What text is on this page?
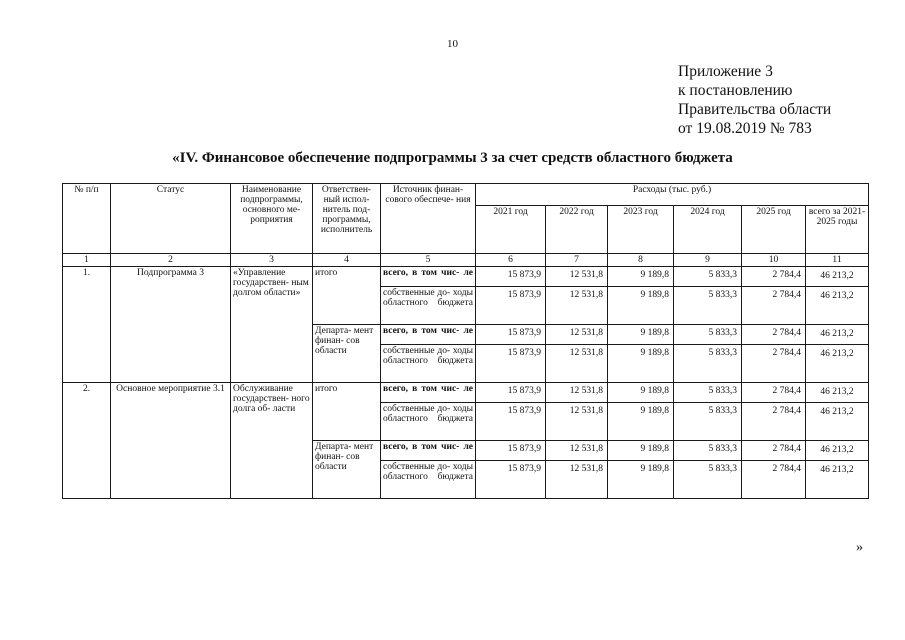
10
Приложение 3
к постановлению
Правительства области
от 19.08.2019 № 783
«IV. Финансовое обеспечение подпрограммы 3 за счет средств областного бюджета
№ п/п	Статус	Наименование подпрограммы, основного ме- роприятия	Ответствен- ный испол- нитель под- программы, исполнитель	Источник финан- сового обеспече- ния	Расходы (тыс. руб.)					
					2021 год	2022 год	2023 год	2024 год	2025 год	всего за 2021-2025 годы
1	2	3	4	5	6	7	8	9	10	11
1.	Подпрограмма 3	«Управление государствен- ным долгом области»	итого	всего, в том чис- ле	15 873,9	12 531,8	9 189,8	5 833,3	2 784,4	46 213,2
				собственные до- ходы областного бюджета	15 873,9	12 531,8	9 189,8	5 833,3	2 784,4	46 213,2
			Департа- мент финан- сов области	всего, в том чис- ле	15 873,9	12 531,8	9 189,8	5 833,3	2 784,4	46 213,2
				собственные до- ходы областного бюджета	15 873,9	12 531,8	9 189,8	5 833,3	2 784,4	46 213,2
2.	Основное мероприятие 3.1	Обслуживание государствен- ного долга об- ласти	итого	всего, в том чис- ле	15 873,9	12 531,8	9 189,8	5 833,3	2 784,4	46 213,2
				собственные до- ходы областного бюджета	15 873,9	12 531,8	9 189,8	5 833,3	2 784,4	46 213,2
			Департа- мент финан- сов области	всего, в том чис- ле	15 873,9	12 531,8	9 189,8	5 833,3	2 784,4	46 213,2
				собственные до- ходы областного бюджета	15 873,9	12 531,8	9 189,8	5 833,3	2 784,4	46 213,2
»
